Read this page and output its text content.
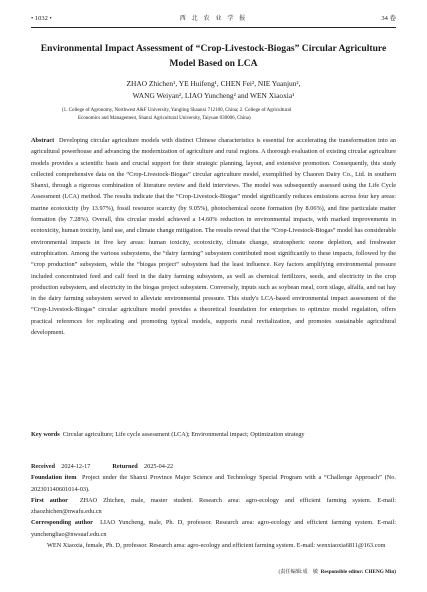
• 1032 •	西 北 农 业 学 报	34 卷
Environmental Impact Assessment of “Crop-Livestock-Biogas” Circular Agriculture Model Based on LCA
ZHAO Zhichen¹, YE Huifeng¹, CHEN Fei², NIE Yuanjun²,
WANG Weiyan², LIAO Yuncheng² and WEN Xiaoxia¹
(1. College of Agronomy, Northwest A&F University, Yangling Shaanxi 712100, China; 2. College of Agricultural
Economics and Management, Shanxi Agricultural University, Taiyuan 030006, China)
Abstract Developing circular agriculture models with distinct Chinese characteristics is essential for accelerating the transformation into an agricultural powerhouse and advancing the modernization of agriculture and rural regions. A thorough evaluation of existing circular agriculture models provides a scientific basis and crucial support for their strategic planning, layout, and extensive promotion. Consequently, this study collected comprehensive data on the “Crop-Livestock-Biogas” circular agriculture model, exemplified by Chaoren Dairy Co., Ltd. in southern Shanxi, through a rigorous combination of literature review and field interviews. The model was subsequently assessed using the Life Cycle Assessment (LCA) method. The results indicate that the “Crop-Livestock-Biogas” model significantly reduces emissions across four key areas: marine ecotoxicity (by 13.97%), fossil resource scarcity (by 9.05%), photochemical ozone formation (by 8.06%), and fine particulate matter formation (by 7.28%). Overall, this circular model achieved a 14.60% reduction in environmental impacts, with marked improvements in ecotoxicity, human toxicity, land use, and climate change mitigation. The results reveal that the “Crop-Livestock-Biogas” model has considerable environmental impacts in five key areas: human toxicity, ecotoxicity, climate change, stratospheric ozone depletion, and freshwater eutrophication. Among the various subsystems, the “dairy farming” subsystem contributed most significantly to these impacts, followed by the “crop production” subsystem, while the “biogas project” subsystem had the least influence. Key factors amplifying environmental pressure included concentrated feed and calf feed in the dairy farming subsystem, as well as chemical fertilizers, seeds, and electricity in the crop production subsystem, and electricity in the biogas project subsystem. Conversely, inputs such as soybean meal, corn silage, alfalfa, and oat hay in the dairy farming subsystem served to alleviate environmental pressure. This study's LCA-based environmental impact assessment of the “Crop-Livestock-Biogas” circular agriculture model provides a theoretical foundation for enterprises to optimize model regulation, offers practical references for replicating and promoting typical models, supports rural revitalization, and promotes sustainable agricultural development.
Key words Circular agriculture; Life cycle assessment (LCA); Environmental impact; Optimization strategy
Received 2024-12-17	Returned 2025-04-22
Foundation item Project under the Shanxi Province Major Science and Technology Special Program with a “Challenge Approach” (No. 202301140601014-03).
First author ZHAO Zhichen, male, master student. Research area: agro-ecology and efficient farming system. E-mail: zhaozhichen@nwafu.edu.cn
Corresponding author LIAO Yuncheng, male, Ph. D, professor. Research area: agro-ecology and efficient farming system. E-mail: yunchengliao@nwsuaf.edu.cn
WEN Xiaoxia, female, Ph. D, professor. Research area: agro-ecology and efficient farming system. E-mail: wenxiaoxia6811@163.com
(责任编辑:成　敏 Responsible editor: CHENG Min)
